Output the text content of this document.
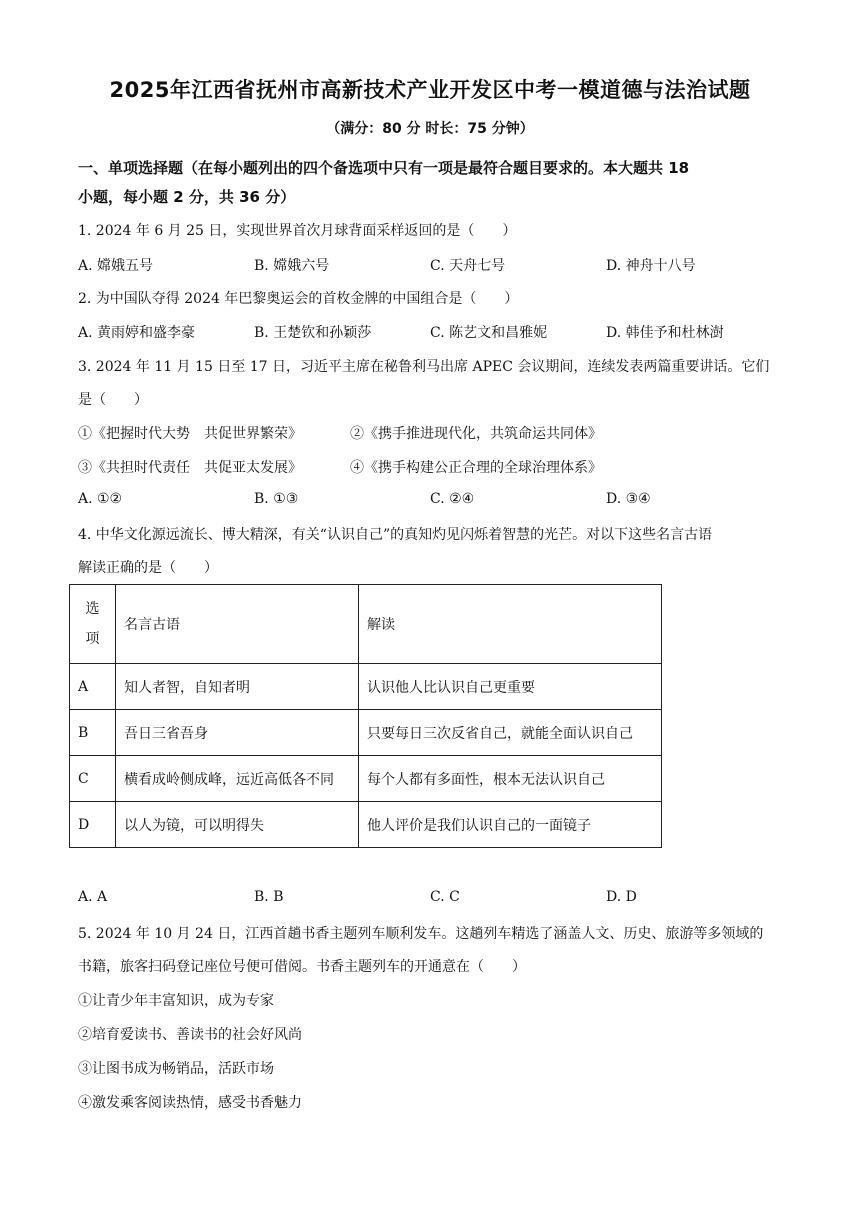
2025年江西省抚州市高新技术产业开发区中考一模道德与法治试题
（满分：80 分 时长：75 分钟）
一、单项选择题（在每小题列出的四个备选项中只有一项是最符合题目要求的。本大题共 18
小题，每小题 2 分，共 36 分）
1. 2024 年 6 月 25 日，实现世界首次月球背面采样返回的是（　　）
A. 嫦娥五号	B. 嫦娥六号	C. 天舟七号	D. 神舟十八号
2. 为中国队夺得 2024 年巴黎奥运会的首枚金牌的中国组合是（　　）
A. 黄雨婷和盛李豪	B. 王楚钦和孙颖莎	C. 陈艺文和昌雅妮	D. 韩佳予和杜林澍
3. 2024 年 11 月 15 日至 17 日，习近平主席在秘鲁利马出席 APEC 会议期间，连续发表两篇重要讲话。它们
是（　　）
①《把握时代大势　共促世界繁荣》	②《携手推进现代化，共筑命运共同体》
③《共担时代责任　共促亚太发展》	④《携手构建公正合理的全球治理体系》
A. ①②	B. ①③	C. ②④	D. ③④
4. 中华文化源远流长、博大精深，有关“认识自己”的真知灼见闪烁着智慧的光芒。对以下这些名言古语
解读正确的是（　　）
选
项	名言古语	解读
A	知人者智，自知者明	认识他人比认识自己更重要
B	吾日三省吾身	只要每日三次反省自己，就能全面认识自己
C	横看成岭侧成峰，远近高低各不同	每个人都有多面性，根本无法认识自己
D	以人为镜，可以明得失	他人评价是我们认识自己的一面镜子
A. A	B. B	C. C	D. D
5. 2024 年 10 月 24 日，江西首趟书香主题列车顺利发车。这趟列车精选了涵盖人文、历史、旅游等多领域的
书籍，旅客扫码登记座位号便可借阅。书香主题列车的开通意在（　　）
①让青少年丰富知识，成为专家
②培育爱读书、善读书的社会好风尚
③让图书成为畅销品，活跃市场
④激发乘客阅读热情，感受书香魅力
